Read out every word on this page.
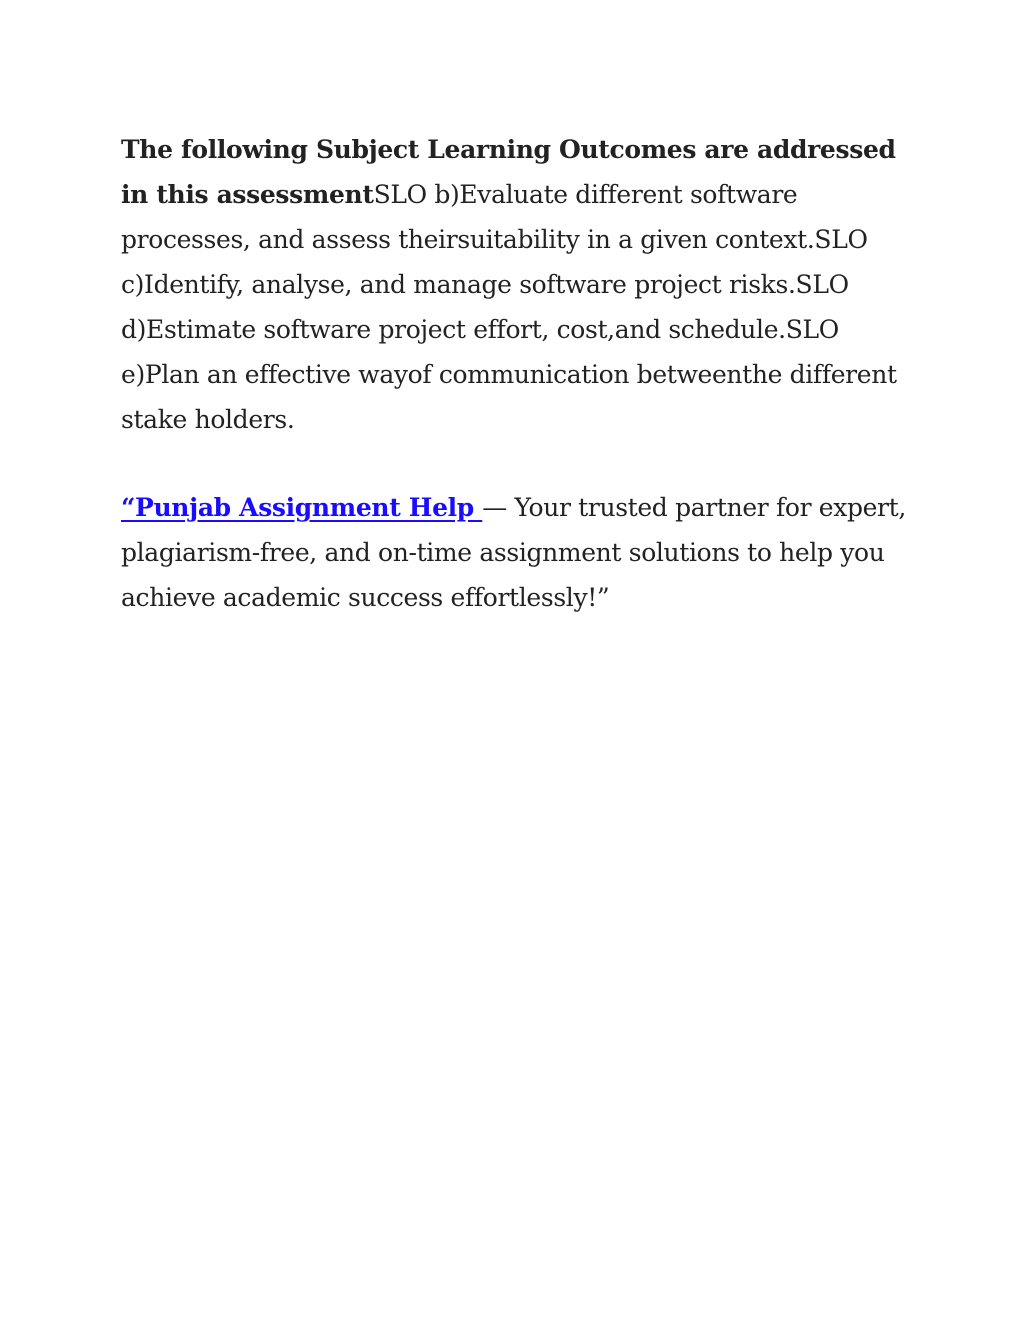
The following Subject Learning Outcomes are addressed in this assessmentSLO b)Evaluate different software processes, and assess theirsuitability in a given context.SLO c)Identify, analyse, and manage software project risks.SLO d)Estimate software project effort, cost,and schedule.SLO e)Plan an effective wayof communication betweenthe different stake holders.

“Punjab Assignment Help — Your trusted partner for expert, plagiarism-free, and on-time assignment solutions to help you achieve academic success effortlessly!”
